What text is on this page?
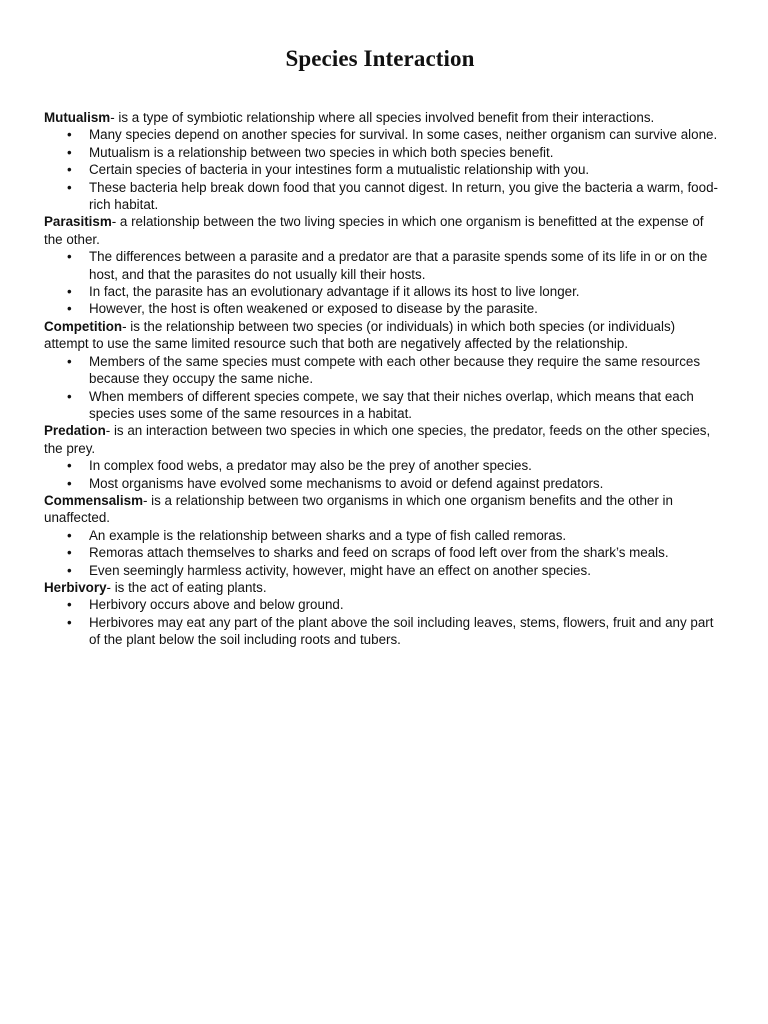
Species Interaction

Mutualism- is a type of symbiotic relationship where all species involved benefit from their interactions.

• Many species depend on another species for survival. In some cases, neither organism can survive alone.
• Mutualism is a relationship between two species in which both species benefit.
• Certain species of bacteria in your intestines form a mutualistic relationship with you.
• These bacteria help break down food that you cannot digest. In return, you give the bacteria a warm, food-rich habitat.

Parasitism- a relationship between the two living species in which one organism is benefitted at the expense of the other.

• The differences between a parasite and a predator are that a parasite spends some of its life in or on the host, and that the parasites do not usually kill their hosts.
• In fact, the parasite has an evolutionary advantage if it allows its host to live longer.
• However, the host is often weakened or exposed to disease by the parasite.

Competition- is the relationship between two species (or individuals) in which both species (or individuals) attempt to use the same limited resource such that both are negatively affected by the relationship.

• Members of the same species must compete with each other because they require the same resources because they occupy the same niche.
• When members of different species compete, we say that their niches overlap, which means that each species uses some of the same resources in a habitat.

Predation- is an interaction between two species in which one species, the predator, feeds on the other species, the prey.

• In complex food webs, a predator may also be the prey of another species.
• Most organisms have evolved some mechanisms to avoid or defend against predators.

Commensalism- is a relationship between two organisms in which one organism benefits and the other in unaffected.

• An example is the relationship between sharks and a type of fish called remoras.
• Remoras attach themselves to sharks and feed on scraps of food left over from the shark’s meals.
• Even seemingly harmless activity, however, might have an effect on another species.

Herbivory- is the act of eating plants.

• Herbivory occurs above and below ground.
• Herbivores may eat any part of the plant above the soil including leaves, stems, flowers, fruit and any part of the plant below the soil including roots and tubers.
